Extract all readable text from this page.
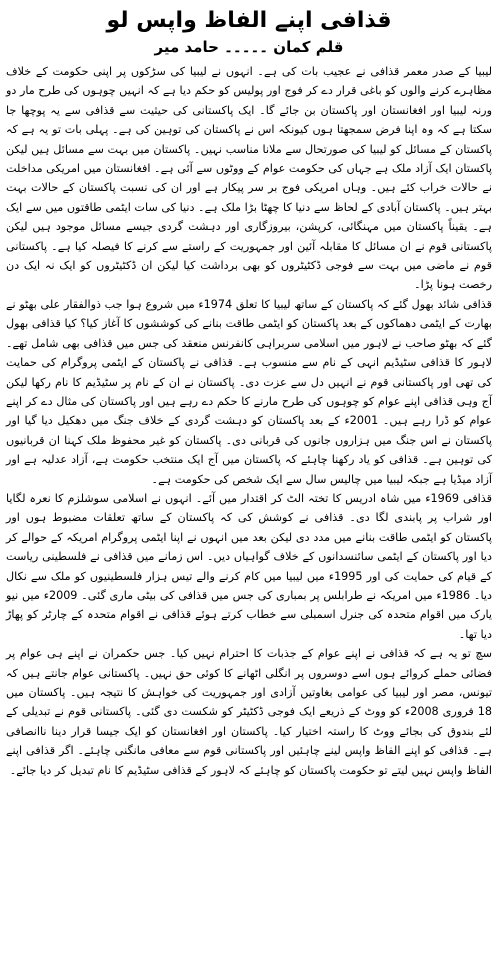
قذافی اپنے الفاظ واپس لو
قلم کمان ۔۔۔۔۔ حامد میر

لیبیا کے صدر معمر قذافی نے عجیب بات کی ہے۔ انہوں نے لیبیا کی سڑکوں پر اپنی حکومت کے خلاف مظاہرے کرنے والوں کو باغی قرار دے کر فوج اور پولیس کو حکم دیا ہے کہ انہیں چوہوں کی طرح مار دو ورنہ لیبیا اور افغانستان اور پاکستان بن جائے گا۔ ایک پاکستانی کی حیثیت سے قذافی سے یہ پوچھا جا سکتا ہے کہ وہ اپنا فرض سمجھتا ہوں کیونکہ اس نے پاکستان کی توہین کی ہے۔ پہلی بات تو یہ ہے کہ پاکستان کے مسائل کو لیبیا کی صورتحال سے ملانا مناسب نہیں۔ پاکستان میں بہت سے مسائل ہیں لیکن پاکستان ایک آزاد ملک ہے جہاں کی حکومت عوام کے ووٹوں سے آئی ہے۔ افغانستان میں امریکی مداخلت نے حالات خراب کئے ہیں۔ وہاں امریکی فوج بر سر پیکار ہے اور ان کی نسبت پاکستان کے حالات بہت بہتر ہیں۔ پاکستان آبادی کے لحاظ سے دنیا کا چھٹا بڑا ملک ہے۔ دنیا کی سات ایٹمی طاقتوں میں سے ایک ہے۔ یقیناً پاکستان میں مہنگائی، کرپشن، بیروزگاری اور دہشت گردی جیسے مسائل موجود ہیں لیکن پاکستانی قوم نے ان مسائل کا مقابلہ آئین اور جمہوریت کے راستے سے کرنے کا فیصلہ کیا ہے۔ پاکستانی قوم نے ماضی میں بہت سے فوجی ڈکٹیٹروں کو بھی برداشت کیا لیکن ان ڈکٹیٹروں کو ایک نہ ایک دن رخصت ہونا پڑا۔

قذافی شائد بھول گئے کہ پاکستان کے ساتھ لیبیا کا تعلق 1974ء میں شروع ہوا جب ذوالفقار علی بھٹو نے بھارت کے ایٹمی دھماکوں کے بعد پاکستان کو ایٹمی طاقت بنانے کی کوششوں کا آغاز کیا؟ کیا قذافی بھول گئے کہ بھٹو صاحب نے لاہور میں اسلامی سربراہی کانفرنس منعقد کی جس میں قذافی بھی شامل تھے۔ لاہور کا قذافی سٹیڈیم انہی کے نام سے منسوب ہے۔ قذافی نے پاکستان کے ایٹمی پروگرام کی حمایت کی تھی اور پاکستانی قوم نے انہیں دل سے عزت دی۔ پاکستان نے ان کے نام پر سٹیڈیم کا نام رکھا لیکن آج وہی قذافی اپنے عوام کو چوہوں کی طرح مارنے کا حکم دے رہے ہیں اور پاکستان کی مثال دے کر اپنے عوام کو ڈرا رہے ہیں۔ 2001ء کے بعد پاکستان کو دہشت گردی کے خلاف جنگ میں دھکیل دیا گیا اور پاکستان نے اس جنگ میں ہزاروں جانوں کی قربانی دی۔ پاکستان کو غیر محفوظ ملک کہنا ان قربانیوں کی توہین ہے۔ قذافی کو یاد رکھنا چاہئے کہ پاکستان میں آج ایک منتخب حکومت ہے، آزاد عدلیہ ہے اور آزاد میڈیا ہے جبکہ لیبیا میں چالیس سال سے ایک شخص کی حکومت ہے۔

قذافی 1969ء میں شاہ ادریس کا تختہ الٹ کر اقتدار میں آئے۔ انہوں نے اسلامی سوشلزم کا نعرہ لگایا اور شراب پر پابندی لگا دی۔ قذافی نے کوشش کی کہ پاکستان کے ساتھ تعلقات مضبوط ہوں اور پاکستان کو ایٹمی طاقت بنانے میں مدد دی لیکن بعد میں انہوں نے اپنا ایٹمی پروگرام امریکہ کے حوالے کر دیا اور پاکستان کے ایٹمی سائنسدانوں کے خلاف گواہیاں دیں۔ اس زمانے میں قذافی نے فلسطینی ریاست کے قیام کی حمایت کی اور 1995ء میں لیبیا میں کام کرنے والے تیس ہزار فلسطینیوں کو ملک سے نکال دیا۔ 1986ء میں امریکہ نے طرابلس پر بمباری کی جس میں قذافی کی بیٹی ماری گئی۔ 2009ء میں نیو یارک میں اقوام متحدہ کی جنرل اسمبلی سے خطاب کرتے ہوئے قذافی نے اقوام متحدہ کے چارٹر کو پھاڑ دیا تھا۔

سچ تو یہ ہے کہ قذافی نے اپنے عوام کے جذبات کا احترام نہیں کیا۔ جس حکمران نے اپنے ہی عوام پر فضائی حملے کروائے ہوں اسے دوسروں پر انگلی اٹھانے کا کوئی حق نہیں۔ پاکستانی عوام جانتے ہیں کہ تیونس، مصر اور لیبیا کی عوامی بغاوتیں آزادی اور جمہوریت کی خواہش کا نتیجہ ہیں۔ پاکستان میں 18 فروری 2008ء کو ووٹ کے ذریعے ایک فوجی ڈکٹیٹر کو شکست دی گئی۔ پاکستانی قوم نے تبدیلی کے لئے بندوق کی بجائے ووٹ کا راستہ اختیار کیا۔ پاکستان اور افغانستان کو ایک جیسا قرار دینا ناانصافی ہے۔ قذافی کو اپنے الفاظ واپس لینے چاہئیں اور پاکستانی قوم سے معافی مانگنی چاہئے۔ اگر قذافی اپنے الفاظ واپس نہیں لیتے تو حکومت پاکستان کو چاہئے کہ لاہور کے قذافی سٹیڈیم کا نام تبدیل کر دیا جائے۔
